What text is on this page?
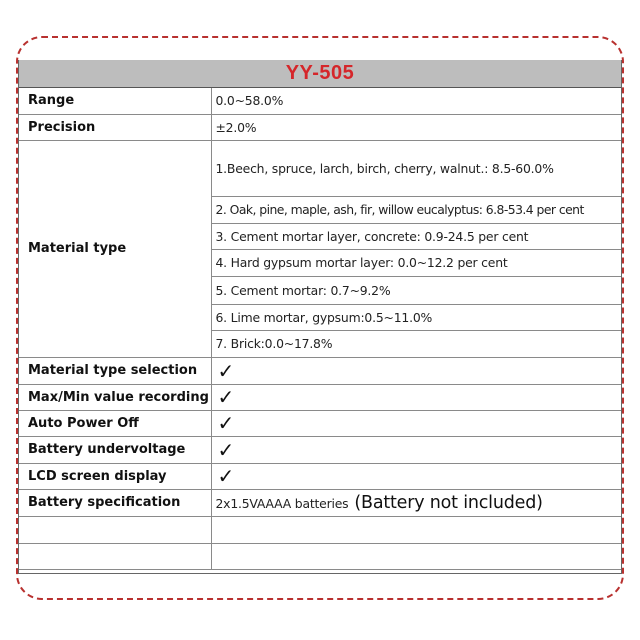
YY-505
Range	0.0~58.0%
Precision	±2.0%
Material type	1.Beech, spruce, larch, birch, cherry, walnut.: 8.5-60.0%
	2. Oak, pine, maple, ash, fir, willow eucalyptus: 6.8-53.4 per cent
	3. Cement mortar layer, concrete: 0.9-24.5 per cent
	4. Hard gypsum mortar layer: 0.0~12.2 per cent
	5. Cement mortar: 0.7~9.2%
	6. Lime mortar, gypsum:0.5~11.0%
	7. Brick:0.0~17.8%
Material type selection	✓
Max/Min value recording	✓
Auto Power Off	✓
Battery undervoltage	✓
LCD screen display	✓
Battery specification	2x1.5VAAAA batteries (Battery not included)
